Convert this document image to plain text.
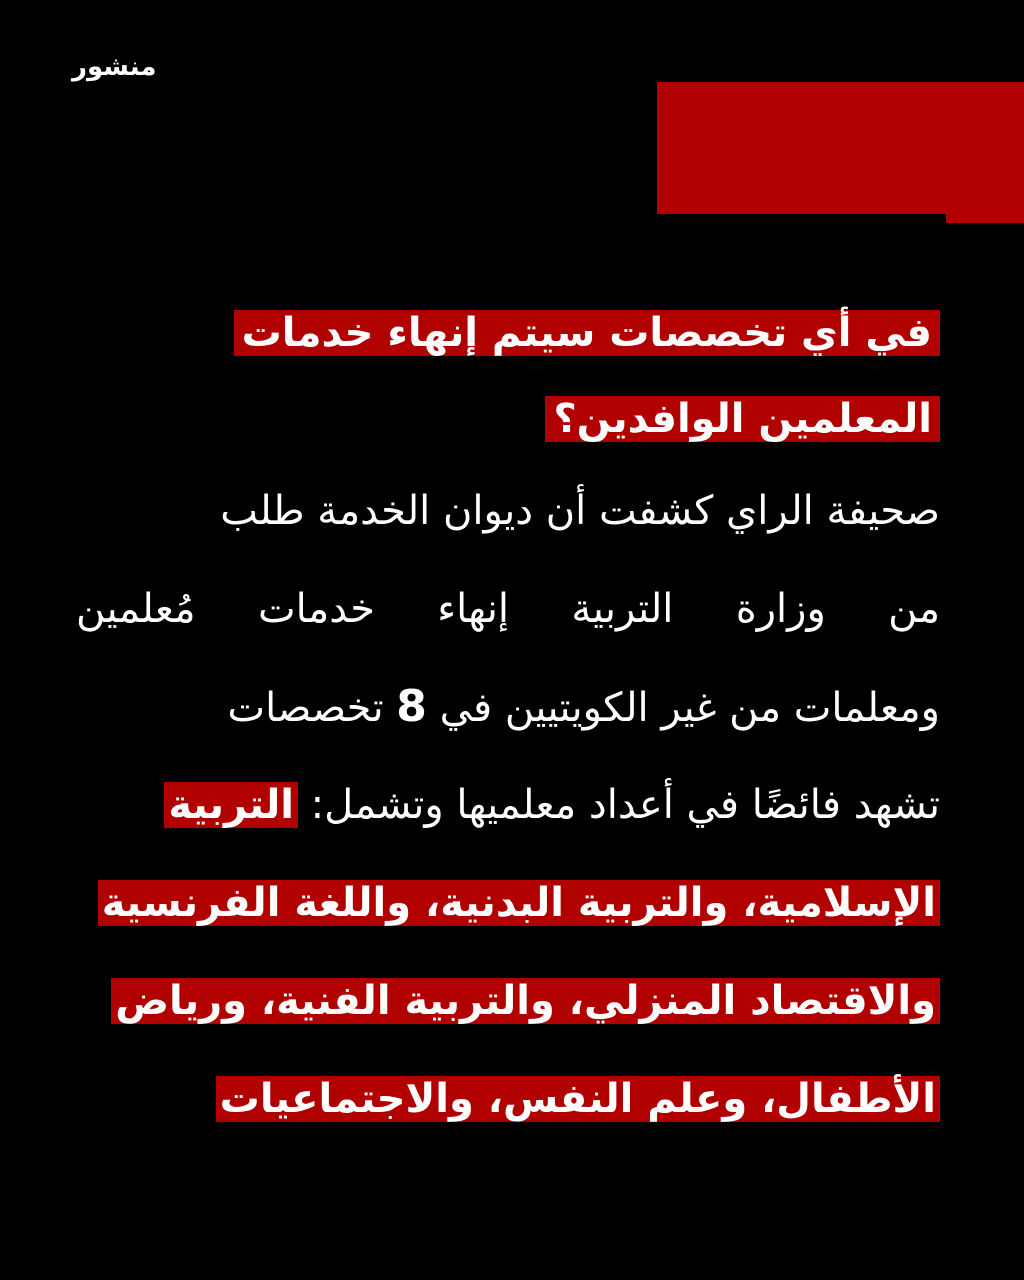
منشور
في أي تخصصات سيتم إنهاء خدمات
المعلمين الوافدين؟
صحيفة الراي كشفت أن ديوان الخدمة طلب
من وزارة التربية إنهاء خدمات مُعلمين
ومعلمات من غير الكويتيين في 8 تخصصات
تشهد فائضًا في أعداد معلميها وتشمل: التربية
الإسلامية، والتربية البدنية، واللغة الفرنسية
والاقتصاد المنزلي، والتربية الفنية، ورياض
الأطفال، وعلم النفس، والاجتماعيات
